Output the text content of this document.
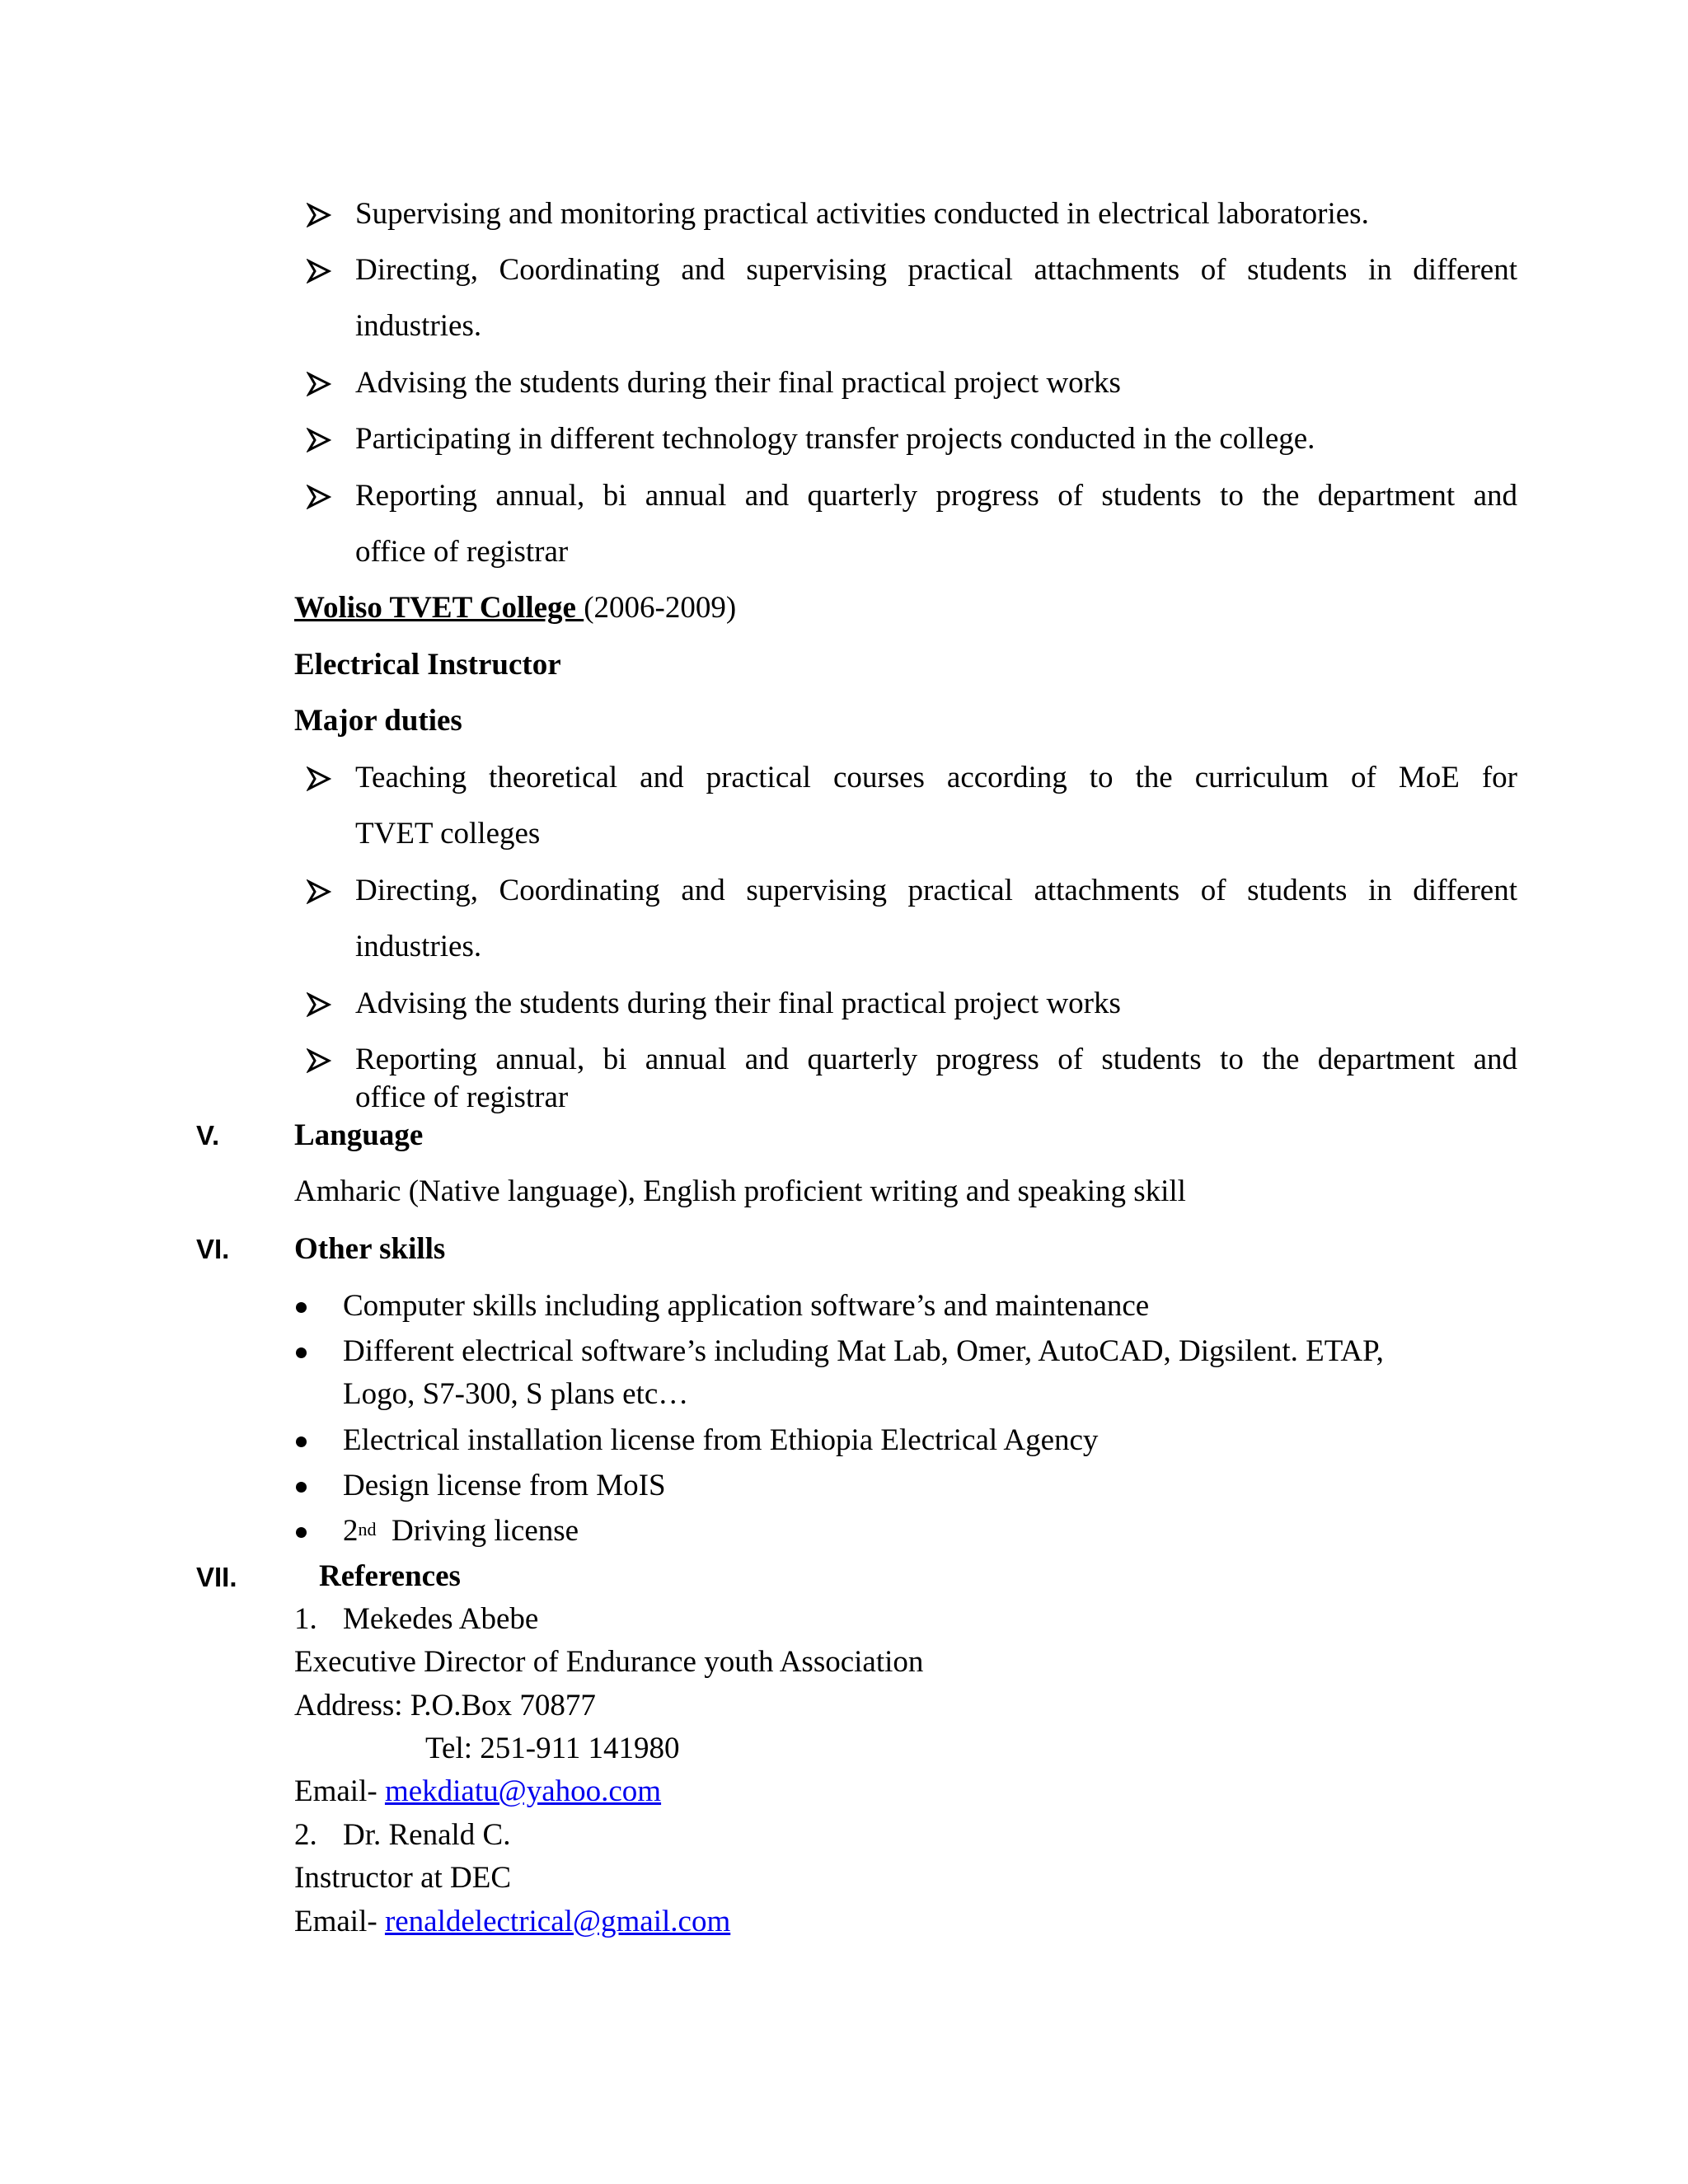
Supervising and monitoring practical activities conducted in electrical laboratories.
Directing, Coordinating and supervising practical attachments of students in different
industries.
Advising the students during their final practical project works
Participating in different technology transfer projects conducted in the college.
Reporting annual, bi annual and quarterly progress of students to the department and
office of registrar
Woliso TVET College (2006-2009)
Electrical Instructor
Major duties
Teaching theoretical and practical courses according to the curriculum of MoE for
TVET colleges
Directing, Coordinating and supervising practical attachments of students in different
industries.
Advising the students during their final practical project works
Reporting annual, bi annual and quarterly progress of students to the department and
office of registrar
V. Language
Amharic (Native language), English proficient writing and speaking skill
VI. Other skills
Computer skills including application software’s and maintenance
Different electrical software’s including Mat Lab, Omer, AutoCAD, Digsilent. ETAP,
Logo, S7-300, S plans etc…
Electrical installation license from Ethiopia Electrical Agency
Design license from MoIS
2nd  Driving license
VII.	References
1. Mekedes Abebe
Executive Director of Endurance youth Association
Address: P.O.Box 70877
Tel: 251-911 141980
Email- mekdiatu@yahoo.com
2. Dr. Renald C.
Instructor at DEC
Email- renaldelectrical@gmail.com
